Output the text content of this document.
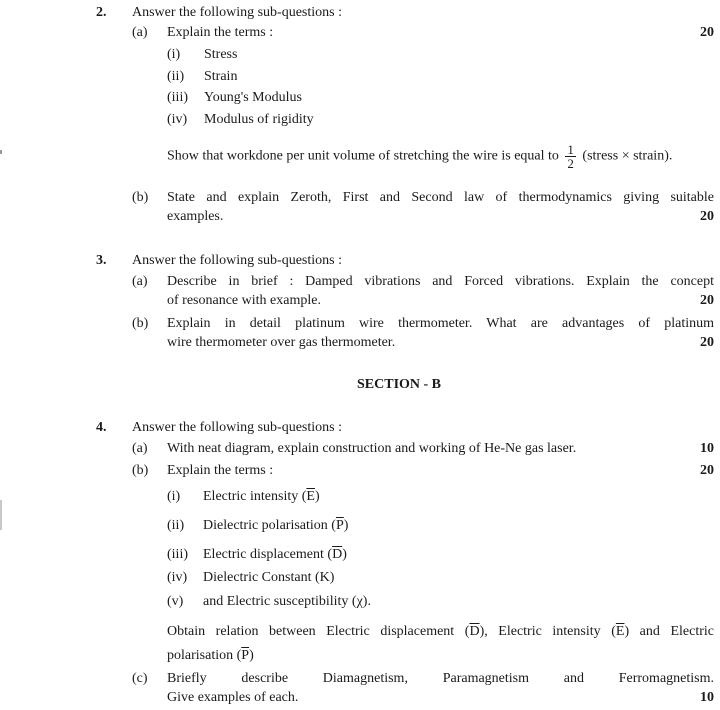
2. Answer the following sub-questions :
(a) Explain the terms :	20
(i) Stress
(ii) Strain
(iii) Young's Modulus
(iv) Modulus of rigidity
Show that workdone per unit volume of stretching the wire is equal to $\frac{1}{2}$ (stress × strain).
(b) State and explain Zeroth, First and Second law of thermodynamics giving suitable
examples.	20
3. Answer the following sub-questions :
(a) Describe in brief : Damped vibrations and Forced vibrations. Explain the concept
of resonance with example.	20
(b) Explain in detail platinum wire thermometer. What are advantages of platinum
wire thermometer over gas thermometer.	20
SECTION - B
4. Answer the following sub-questions :
(a) With neat diagram, explain construction and working of He-Ne gas laser.	10
(b) Explain the terms :	20
(i) Electric intensity $(\overline{E})$
(ii) Dielectric polarisation $(\overline{P})$
(iii) Electric displacement $(\overline{D})$
(iv) Dielectric Constant (K)
(v) and Electric susceptibility (χ).
Obtain relation between Electric displacement $(\overline{D})$, Electric intensity $(\overline{E})$ and Electric
polarisation $(\overline{P})$
(c) Briefly describe Diamagnetism, Paramagnetism and Ferromagnetism.
Give examples of each.	10
